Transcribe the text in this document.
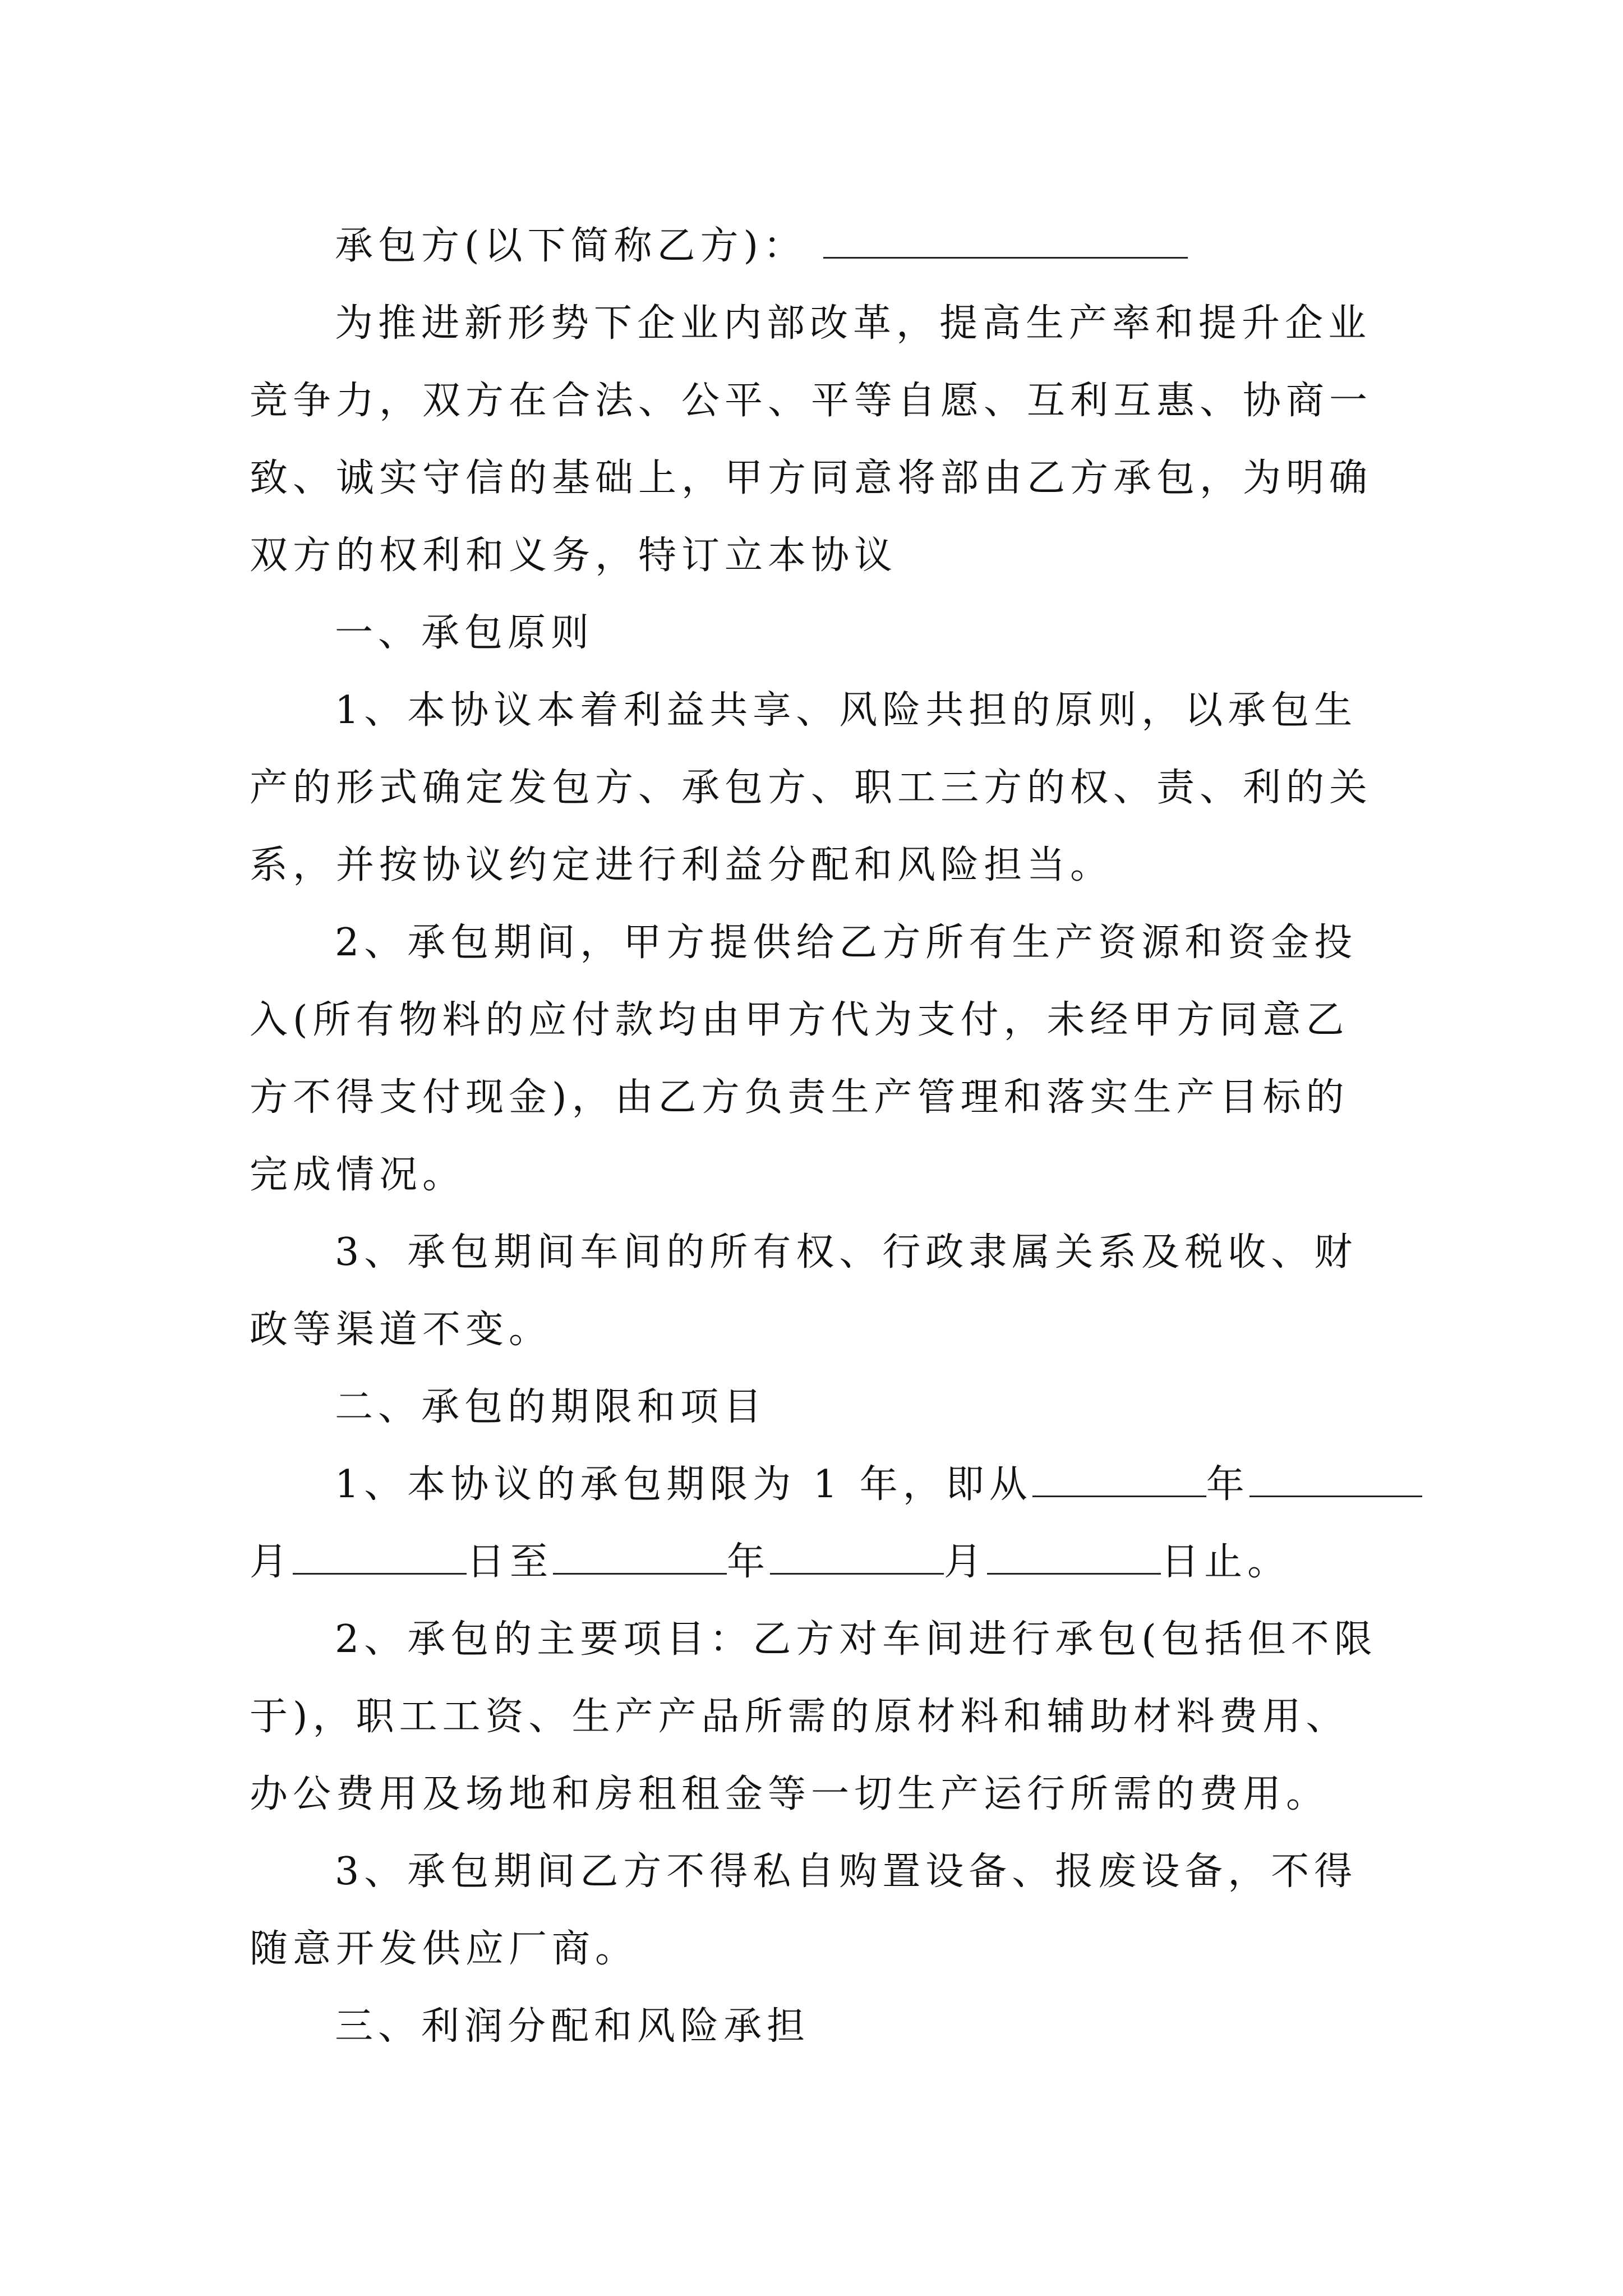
承包方(以下简称乙方)：
为推进新形势下企业内部改革，提高生产率和提升企业
竞争力，双方在合法、公平、平等自愿、互利互惠、协商一
致、诚实守信的基础上，甲方同意将部由乙方承包，为明确
双方的权利和义务，特订立本协议
一、承包原则
1、本协议本着利益共享、风险共担的原则，以承包生
产的形式确定发包方、承包方、职工三方的权、责、利的关
系，并按协议约定进行利益分配和风险担当。
2、承包期间，甲方提供给乙方所有生产资源和资金投
入(所有物料的应付款均由甲方代为支付，未经甲方同意乙
方不得支付现金)，由乙方负责生产管理和落实生产目标的
完成情况。
3、承包期间车间的所有权、行政隶属关系及税收、财
政等渠道不变。
二、承包的期限和项目
1、本协议的承包期限为 1 年，即从	年
月	日至	年	月	日止。
2、承包的主要项目：乙方对车间进行承包(包括但不限
于)，职工工资、生产产品所需的原材料和辅助材料费用、
办公费用及场地和房租租金等一切生产运行所需的费用。
3、承包期间乙方不得私自购置设备、报废设备，不得
随意开发供应厂商。
三、利润分配和风险承担
